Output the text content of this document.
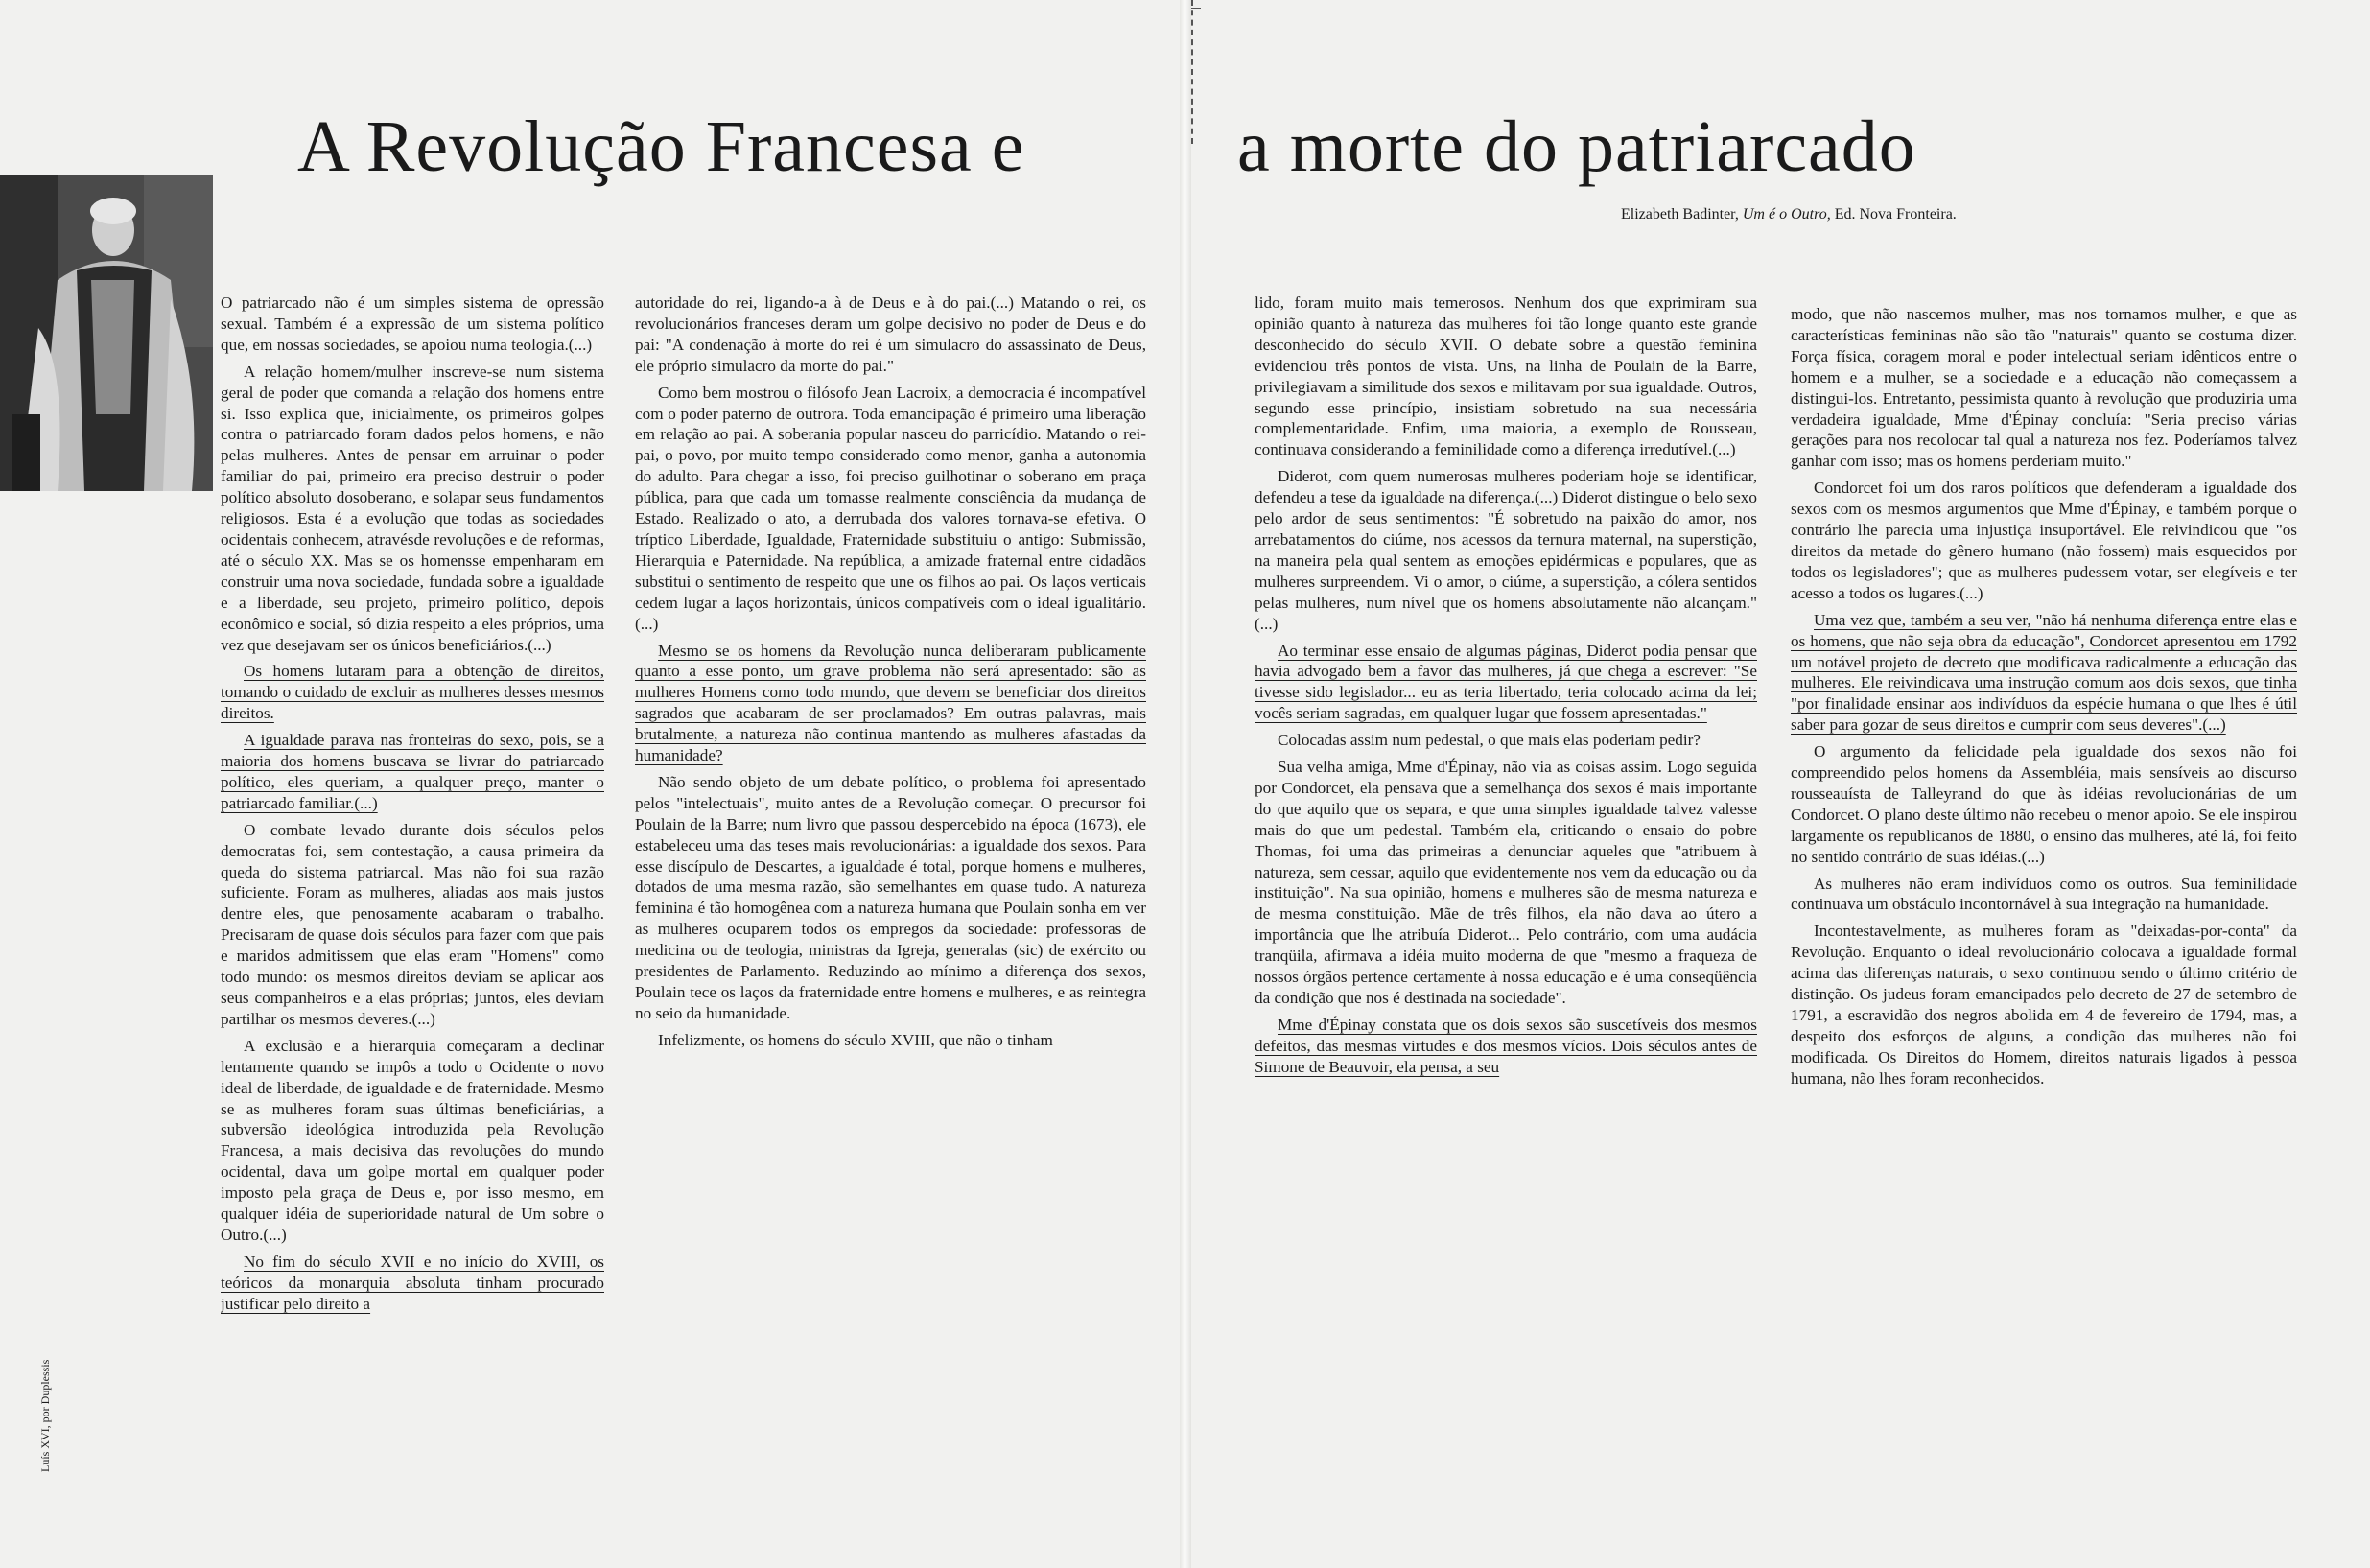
A Revolução Francesa e	a morte do patriarcado
Elizabeth Badinter, Um é o Outro, Ed. Nova Fronteira.
Luís XVI, por Duplessis

O patriarcado não é um simples sistema de opressão sexual. Também é a expressão de um sistema político que, em nossas sociedades, se apoiou numa teologia.(...)

A relação homem/mulher inscreve-se num sistema geral de poder que comanda a relação dos homens entre si. Isso explica que, inicialmente, os primeiros golpes contra o patriarcado foram dados pelos homens, e não pelas mulheres. Antes de pensar em arruinar o poder familiar do pai, primeiro era preciso destruir o poder político absoluto dosoberano, e solapar seus fundamentos religiosos. Esta é a evolução que todas as sociedades ocidentais conhecem, atravésde revoluções e de reformas, até o século XX. Mas se os homensse empenharam em construir uma nova sociedade, fundada sobre a igualdade e a liberdade, seu projeto, primeiro político, depois econômico e social, só dizia respeito a eles próprios, uma vez que desejavam ser os únicos beneficiários.(...)

Os homens lutaram para a obtenção de direitos, tomando o cuidado de excluir as mulheres desses mesmos direitos.

A igualdade parava nas fronteiras do sexo, pois, se a maioria dos homens buscava se livrar do patriarcado político, eles queriam, a qualquer preço, manter o patriarcado familiar.(...)

O combate levado durante dois séculos pelos democratas foi, sem contestação, a causa primeira da queda do sistema patriarcal. Mas não foi sua razão suficiente. Foram as mulheres, aliadas aos mais justos dentre eles, que penosamente acabaram o trabalho. Precisaram de quase dois séculos para fazer com que pais e maridos admitissem que elas eram "Homens" como todo mundo: os mesmos direitos deviam se aplicar aos seus companheiros e a elas próprias; juntos, eles deviam partilhar os mesmos deveres.(...)

A exclusão e a hierarquia começaram a declinar lentamente quando se impôs a todo o Ocidente o novo ideal de liberdade, de igualdade e de fraternidade. Mesmo se as mulheres foram suas últimas beneficiárias, a subversão ideológica introduzida pela Revolução Francesa, a mais decisiva das revoluções do mundo ocidental, dava um golpe mortal em qualquer poder imposto pela graça de Deus e, por isso mesmo, em qualquer idéia de superioridade natural de Um sobre o Outro.(...)

No fim do século XVII e no início do XVIII, os teóricos da monarquia absoluta tinham procurado justificar pelo direito a

autoridade do rei, ligando-a à de Deus e à do pai.(...) Matando o rei, os revolucionários franceses deram um golpe decisivo no poder de Deus e do pai: "A condenação à morte do rei é um simulacro do assassinato de Deus, ele próprio simulacro da morte do pai."

Como bem mostrou o filósofo Jean Lacroix, a democracia é incompatível com o poder paterno de outrora. Toda emancipação é primeiro uma liberação em relação ao pai. A soberania popular nasceu do parricídio. Matando o rei-pai, o povo, por muito tempo considerado como menor, ganha a autonomia do adulto. Para chegar a isso, foi preciso guilhotinar o soberano em praça pública, para que cada um tomasse realmente consciência da mudança de Estado. Realizado o ato, a derrubada dos valores tornava-se efetiva. O tríptico Liberdade, Igualdade, Fraternidade substituiu o antigo: Submissão, Hierarquia e Paternidade. Na república, a amizade fraternal entre cidadãos substitui o sentimento de respeito que une os filhos ao pai. Os laços verticais cedem lugar a laços horizontais, únicos compatíveis com o ideal igualitário.(...)

Mesmo se os homens da Revolução nunca deliberaram publicamente quanto a esse ponto, um grave problema não será apresentado: são as mulheres Homens como todo mundo, que devem se beneficiar dos direitos sagrados que acabaram de ser proclamados? Em outras palavras, mais brutalmente, a natureza não continua mantendo as mulheres afastadas da humanidade?

Não sendo objeto de um debate político, o problema foi apresentado pelos "intelectuais", muito antes de a Revolução começar. O precursor foi Poulain de la Barre; num livro que passou despercebido na época (1673), ele estabeleceu uma das teses mais revolucionárias: a igualdade dos sexos. Para esse discípulo de Descartes, a igualdade é total, porque homens e mulheres, dotados de uma mesma razão, são semelhantes em quase tudo. A natureza feminina é tão homogênea com a natureza humana que Poulain sonha em ver as mulheres ocuparem todos os empregos da sociedade: professoras de medicina ou de teologia, ministras da Igreja, generalas (sic) de exército ou presidentes de Parlamento. Reduzindo ao mínimo a diferença dos sexos, Poulain tece os laços da fraternidade entre homens e mulheres, e as reintegra no seio da humanidade.

Infelizmente, os homens do século XVIII, que não o tinham

lido, foram muito mais temerosos. Nenhum dos que exprimiram sua opinião quanto à natureza das mulheres foi tão longe quanto este grande desconhecido do século XVII. O debate sobre a questão feminina evidenciou três pontos de vista. Uns, na linha de Poulain de la Barre, privilegiavam a similitude dos sexos e militavam por sua igualdade. Outros, segundo esse princípio, insistiam sobretudo na sua necessária complementaridade. Enfim, uma maioria, a exemplo de Rousseau, continuava considerando a feminilidade como a diferença irredutível.(...)

Diderot, com quem numerosas mulheres poderiam hoje se identificar, defendeu a tese da igualdade na diferença.(...) Diderot distingue o belo sexo pelo ardor de seus sentimentos: "É sobretudo na paixão do amor, nos arrebatamentos do ciúme, nos acessos da ternura maternal, na superstição, na maneira pela qual sentem as emoções epidérmicas e populares, que as mulheres surpreendem. Vi o amor, o ciúme, a superstição, a cólera sentidos pelas mulheres, num nível que os homens absolutamente não alcançam."(...)

Ao terminar esse ensaio de algumas páginas, Diderot podia pensar que havia advogado bem a favor das mulheres, já que chega a escrever: "Se tivesse sido legislador... eu as teria libertado, teria colocado acima da lei; vocês seriam sagradas, em qualquer lugar que fossem apresentadas."

Colocadas assim num pedestal, o que mais elas poderiam pedir?

Sua velha amiga, Mme d'Épinay, não via as coisas assim. Logo seguida por Condorcet, ela pensava que a semelhança dos sexos é mais importante do que aquilo que os separa, e que uma simples igualdade talvez valesse mais do que um pedestal. Também ela, criticando o ensaio do pobre Thomas, foi uma das primeiras a denunciar aqueles que "atribuem à natureza, sem cessar, aquilo que evidentemente nos vem da educação ou da instituição". Na sua opinião, homens e mulheres são de mesma natureza e de mesma constituição. Mãe de três filhos, ela não dava ao útero a importância que lhe atribuía Diderot... Pelo contrário, com uma audácia tranqüila, afirmava a idéia muito moderna de que "mesmo a fraqueza de nossos órgãos pertence certamente à nossa educação e é uma conseqüência da condição que nos é destinada na sociedade".

Mme d'Épinay constata que os dois sexos são suscetíveis dos mesmos defeitos, das mesmas virtudes e dos mesmos vícios. Dois séculos antes de Simone de Beauvoir, ela pensa, a seu

modo, que não nascemos mulher, mas nos tornamos mulher, e que as características femininas não são tão "naturais" quanto se costuma dizer. Força física, coragem moral e poder intelectual seriam idênticos entre o homem e a mulher, se a sociedade e a educação não começassem a distingui-los. Entretanto, pessimista quanto à revolução que produziria uma verdadeira igualdade, Mme d'Épinay concluía: "Seria preciso várias gerações para nos recolocar tal qual a natureza nos fez. Poderíamos talvez ganhar com isso; mas os homens perderiam muito."

Condorcet foi um dos raros políticos que defenderam a igualdade dos sexos com os mesmos argumentos que Mme d'Épinay, e também porque o contrário lhe parecia uma injustiça insuportável. Ele reivindicou que "os direitos da metade do gênero humano (não fossem) mais esquecidos por todos os legisladores"; que as mulheres pudessem votar, ser elegíveis e ter acesso a todos os lugares.(...)

Uma vez que, também a seu ver, "não há nenhuma diferença entre elas e os homens, que não seja obra da educação", Condorcet apresentou em 1792 um notável projeto de decreto que modificava radicalmente a educação das mulheres. Ele reivindicava uma instrução comum aos dois sexos, que tinha "por finalidade ensinar aos indivíduos da espécie humana o que lhes é útil saber para gozar de seus direitos e cumprir com seus deveres".(...)

O argumento da felicidade pela igualdade dos sexos não foi compreendido pelos homens da Assembléia, mais sensíveis ao discurso rousseauísta de Talleyrand do que às idéias revolucionárias de um Condorcet. O plano deste último não recebeu o menor apoio. Se ele inspirou largamente os republicanos de 1880, o ensino das mulheres, até lá, foi feito no sentido contrário de suas idéias.(...)

As mulheres não eram indivíduos como os outros. Sua feminilidade continuava um obstáculo incontornável à sua integração na humanidade.

Incontestavelmente, as mulheres foram as "deixadas-por-conta" da Revolução. Enquanto o ideal revolucionário colocava a igualdade formal acima das diferenças naturais, o sexo continuou sendo o último critério de distinção. Os judeus foram emancipados pelo decreto de 27 de setembro de 1791, a escravidão dos negros abolida em 4 de fevereiro de 1794, mas, a despeito dos esforços de alguns, a condição das mulheres não foi modificada. Os Direitos do Homem, direitos naturais ligados à pessoa humana, não lhes foram reconhecidos.
